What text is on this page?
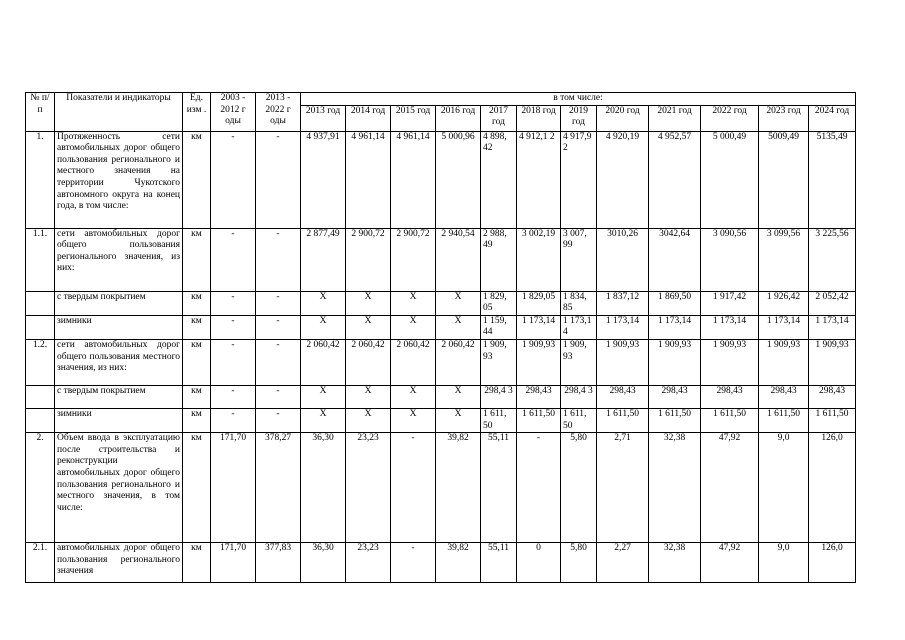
№ п/п	Показатели и индикаторы	Ед. изм .	2003 - 2012 г оды	2013 - 2022 г оды	в том числе:											
					2013 год	2014 год	2015 год	2016 год	2017 год	2018 год	2019 год	2020 год	2021 год	2022 год	2023 год	2024 год
1.	Протяженность сети автомобильных дорог общего пользования регионального и местного значения на территории Чукотского автономного округа на конец года, в том числе:	км	-	-	4 937,91	4 961,14	4 961,14	5 000,96	4 898, 42	4 912,1 2	4 917,9 2	4 920,19	4 952,57	5 000,49	5009,49	5135,49
1.1.	сети автомобильных дорог общего пользования регионального значения, из них:	км	-	-	2 877,49	2 900,72	2 900,72	2 940,54	2 988, 49	3 002,19	3 007, 99	3010,26	3042,64	3 090,56	3 099,56	3 225,56
	с твердым покрытием	км	-	-	X	X	X	X	1 829, 05	1 829,05	1 834, 85	1 837,12	1 869,50	1 917,42	1 926,42	2 052,42
	зимники	км	-	-	X	X	X	X	1 159, 44	1 173,14	1 173,1 4	1 173,14	1 173,14	1 173,14	1 173,14	1 173,14
1.2.	сети автомобильных дорог общего пользования местного значения, из них:	км	-	-	2 060,42	2 060,42	2 060,42	2 060,42	1 909, 93	1 909,93	1 909, 93	1 909,93	1 909,93	1 909,93	1 909,93	1 909,93
	с твердым покрытием	км	-	-	X	X	X	X	298,4 3	298,43	298,4 3	298,43	298,43	298,43	298,43	298,43
	зимники	км	-	-	X	X	X	X	1 611, 50	1 611,50	1 611, 50	1 611,50	1 611,50	1 611,50	1 611,50	1 611,50
2.	Объем ввода в эксплуатацию после строительства и реконструкции автомобильных дорог общего пользования регионального и местного значения, в том числе:	км	171,70	378,27	36,30	23,23	-	39,82	55,11	-	5,80	2,71	32,38	47,92	9,0	126,0
2.1.	автомобильных дорог общего пользования регионального значения	км	171,70	377,83	36,30	23,23	-	39,82	55,11	0	5,80	2,27	32,38	47,92	9,0	126,0
